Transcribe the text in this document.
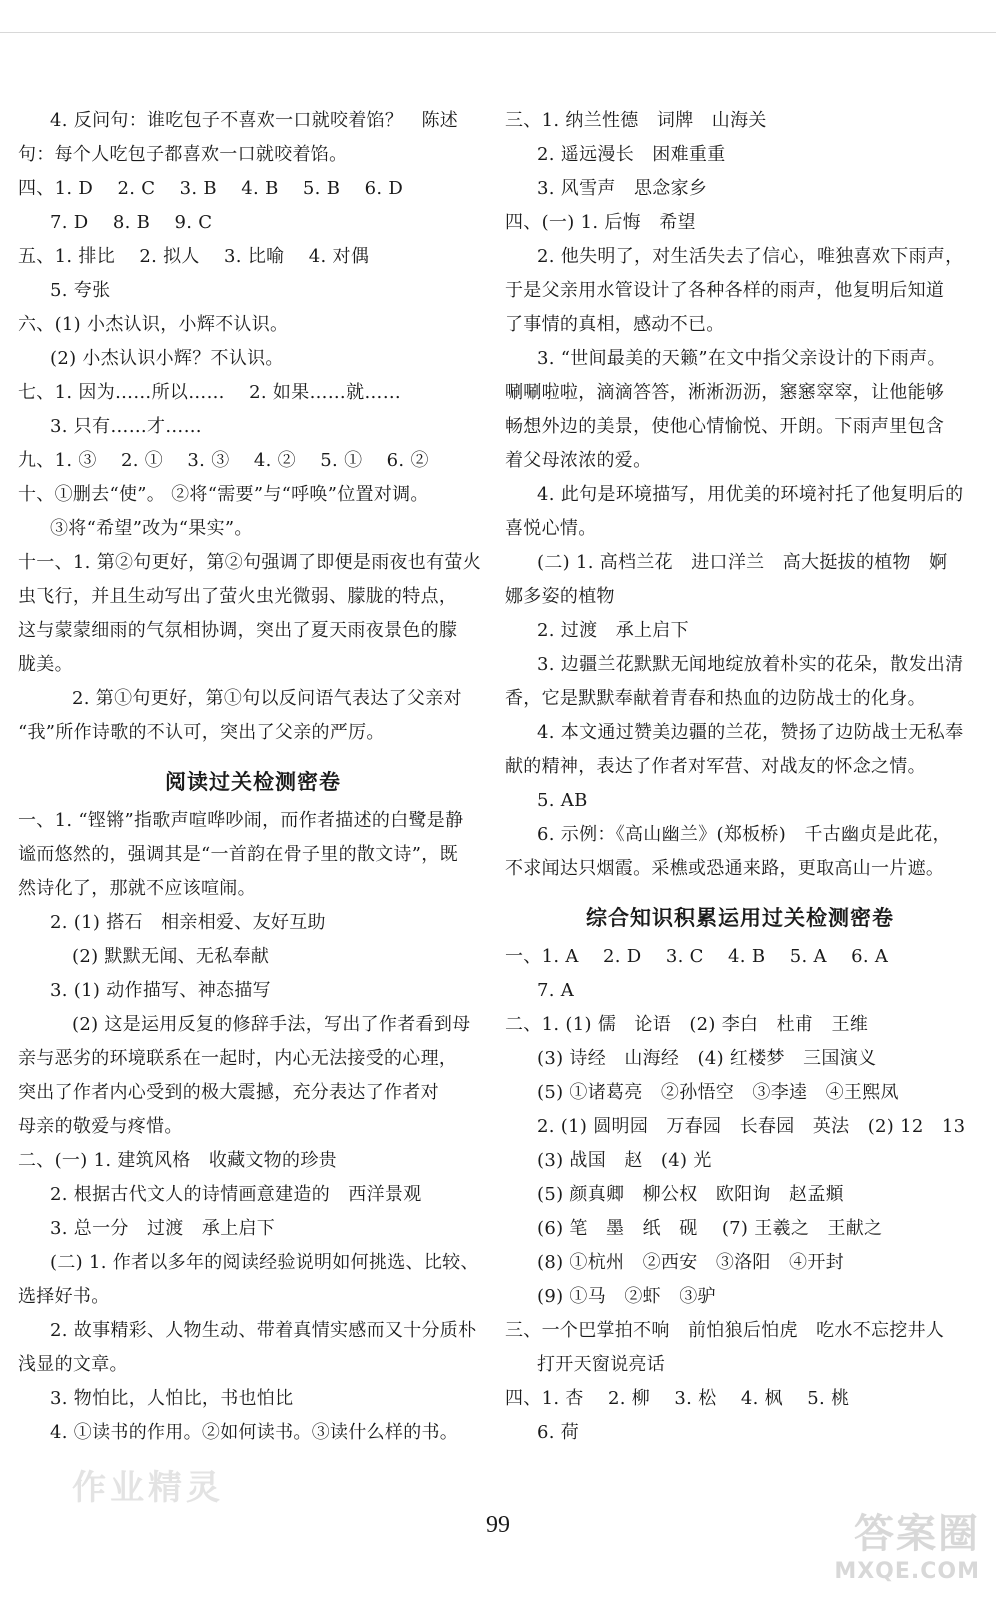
4. 反问句：谁吃包子不喜欢一口就咬着馅？　陈述
句：每个人吃包子都喜欢一口就咬着馅。
四、1. D　 2. C　 3. B　 4. B　 5. B　 6. D
7. D　 8. B　 9. C
五、1. 排比　 2. 拟人　 3. 比喻　 4. 对偶
5. 夸张
六、(1) 小杰认识，小辉不认识。
(2) 小杰认识小辉？不认识。
七、1. 因为……所以……　 2. 如果……就……
3. 只有……才……
九、1. ③　 2. ①　 3. ③　 4. ②　 5. ①　 6. ②
十、①删去“使”。 ②将“需要”与“呼唤”位置对调。
③将“希望”改为“果实”。
十一、1. 第②句更好，第②句强调了即便是雨夜也有萤火
虫飞行，并且生动写出了萤火虫光微弱、朦胧的特点，
这与蒙蒙细雨的气氛相协调，突出了夏天雨夜景色的朦
胧美。
2. 第①句更好，第①句以反问语气表达了父亲对
“我”所作诗歌的不认可，突出了父亲的严厉。
阅读过关检测密卷
一、1. “铿锵”指歌声喧哗吵闹，而作者描述的白鹭是静
谧而悠然的，强调其是“一首韵在骨子里的散文诗”，既
然诗化了，那就不应该喧闹。
2. (1) 搭石　相亲相爱、友好互助
(2) 默默无闻、无私奉献
3. (1) 动作描写、神态描写
(2) 这是运用反复的修辞手法，写出了作者看到母
亲与恶劣的环境联系在一起时，内心无法接受的心理，
突出了作者内心受到的极大震撼，充分表达了作者对
母亲的敬爱与疼惜。
二、(一) 1. 建筑风格　收藏文物的珍贵
2. 根据古代文人的诗情画意建造的　西洋景观
3. 总一分　过渡　承上启下
(二) 1. 作者以多年的阅读经验说明如何挑选、比较、
选择好书。
2. 故事精彩、人物生动、带着真情实感而又十分质朴
浅显的文章。
3. 物怕比，人怕比，书也怕比
4. ①读书的作用。②如何读书。③读什么样的书。
三、1. 纳兰性德　词牌　山海关
2. 遥远漫长　困难重重
3. 风雪声　思念家乡
四、(一) 1. 后悔　希望
2. 他失明了，对生活失去了信心，唯独喜欢下雨声，
于是父亲用水管设计了各种各样的雨声，他复明后知道
了事情的真相，感动不已。
3. “世间最美的天籁”在文中指父亲设计的下雨声。
唰唰啦啦，滴滴答答，淅淅沥沥，窸窸窣窣，让他能够
畅想外边的美景，使他心情愉悦、开朗。下雨声里包含
着父母浓浓的爱。
4. 此句是环境描写，用优美的环境衬托了他复明后的
喜悦心情。
(二) 1. 高档兰花　进口洋兰　高大挺拔的植物　婀
娜多姿的植物
2. 过渡　承上启下
3. 边疆兰花默默无闻地绽放着朴实的花朵，散发出清
香，它是默默奉献着青春和热血的边防战士的化身。
4. 本文通过赞美边疆的兰花，赞扬了边防战士无私奉
献的精神，表达了作者对军营、对战友的怀念之情。
5. AB
6. 示例：《高山幽兰》(郑板桥)　千古幽贞是此花，
不求闻达只烟霞。采樵或恐通来路，更取高山一片遮。
综合知识积累运用过关检测密卷
一、1. A　 2. D　 3. C　 4. B　 5. A　 6. A
7. A
二、1. (1) 儒　论语　(2) 李白　杜甫　王维
(3) 诗经　山海经　(4) 红楼梦　三国演义
(5) ①诸葛亮　②孙悟空　③李逵　④王熙凤
2. (1) 圆明园　万春园　长春园　英法　(2) 12　13
(3) 战国　赵　(4) 光
(5) 颜真卿　柳公权　欧阳询　赵孟頫
(6) 笔　墨　纸　砚　 (7) 王羲之　王献之
(8) ①杭州　②西安　③洛阳　④开封
(9) ①马　②虾　③驴
三、一个巴掌拍不响　前怕狼后怕虎　吃水不忘挖井人
打开天窗说亮话
四、1. 杏　 2. 柳　 3. 松　 4. 枫　 5. 桃
6. 荷
99
作业精灵
答案圈
MXQE.COM
